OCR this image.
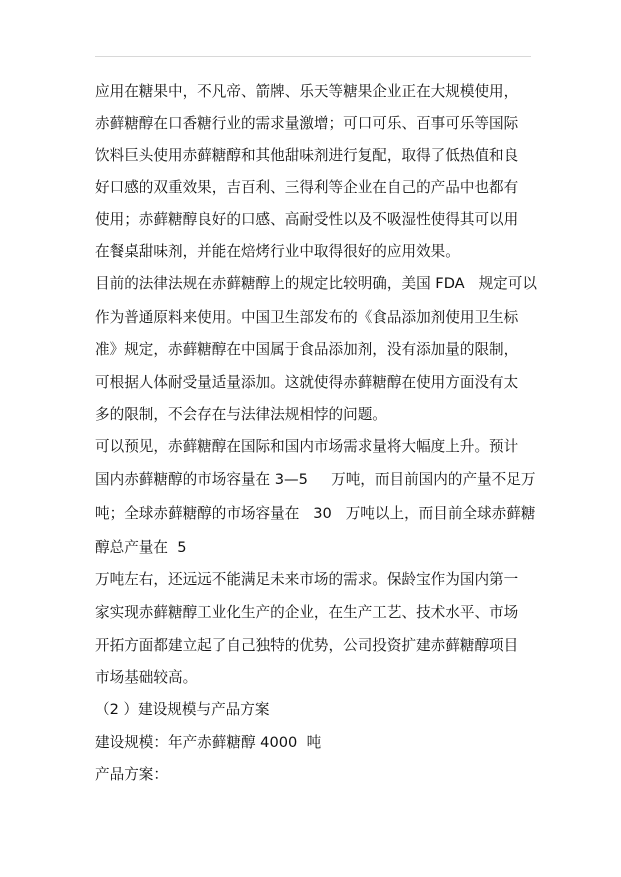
应用在糖果中，不凡帝、箭牌、乐天等糖果企业正在大规模使用，
赤藓糖醇在口香糖行业的需求量激增；可口可乐、百事可乐等国际
饮料巨头使用赤藓糖醇和其他甜味剂进行复配，取得了低热值和良
好口感的双重效果，吉百利、三得利等企业在自己的产品中也都有
使用；赤藓糖醇良好的口感、高耐受性以及不吸湿性使得其可以用
在餐桌甜味剂，并能在焙烤行业中取得很好的应用效果。
目前的法律法规在赤藓糖醇上的规定比较明确，美国 FDA   规定可以
作为普通原料来使用。中国卫生部发布的《食品添加剂使用卫生标
准》规定，赤藓糖醇在中国属于食品添加剂，没有添加量的限制，
可根据人体耐受量适量添加。这就使得赤藓糖醇在使用方面没有太
多的限制，不会存在与法律法规相悖的问题。
可以预见，赤藓糖醇在国际和国内市场需求量将大幅度上升。预计
国内赤藓糖醇的市场容量在 3—5     万吨，而目前国内的产量不足万
吨；全球赤藓糖醇的市场容量在   30   万吨以上，而目前全球赤藓糖
醇总产量在  5
万吨左右，还远远不能满足未来市场的需求。保龄宝作为国内第一
家实现赤藓糖醇工业化生产的企业，在生产工艺、技术水平、市场
开拓方面都建立起了自己独特的优势，公司投资扩建赤藓糖醇项目
市场基础较高。
（2 ）建设规模与产品方案
建设规模：年产赤藓糖醇 4000  吨
产品方案：
